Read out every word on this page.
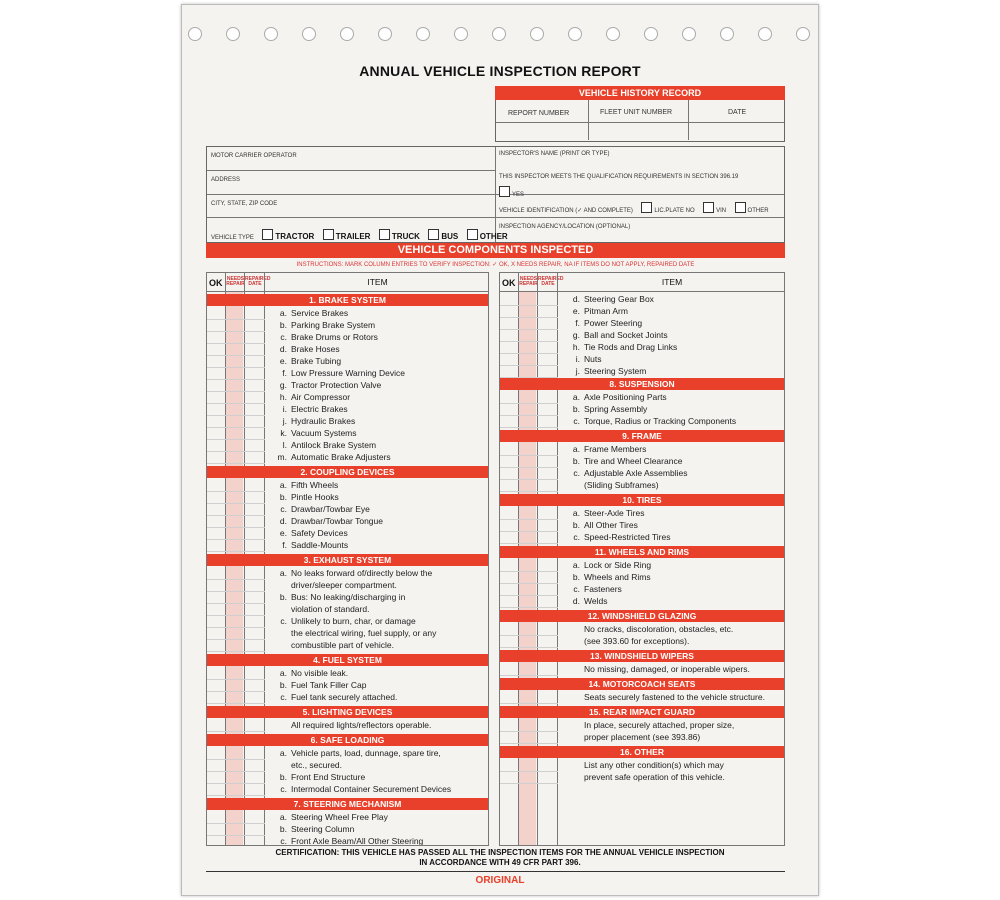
ANNUAL VEHICLE INSPECTION REPORT
VEHICLE HISTORY RECORD
REPORT NUMBER	FLEET UNIT NUMBER	DATE
MOTOR CARRIER OPERATOR
ADDRESS
CITY, STATE, ZIP CODE
VEHICLE TYPE	TRACTOR	TRAILER	TRUCK	BUS	OTHER
INSPECTOR'S NAME (PRINT OR TYPE)
THIS INSPECTOR MEETS THE QUALIFICATION REQUIREMENTS IN SECTION 396.19
YES
VEHICLE IDENTIFICATION (✓ AND COMPLETE)	LIC.PLATE NO	VIN	OTHER
INSPECTION AGENCY/LOCATION (OPTIONAL)
VEHICLE COMPONENTS INSPECTED
INSTRUCTIONS: MARK COLUMN ENTRIES TO VERIFY INSPECTION: ✓ OK, X NEEDS REPAIR, NA IF ITEMS DO NOT APPLY, REPAIRED DATE
OK NEEDS REPAIR
REPAIRED DATE	ITEM
1. BRAKE SYSTEM
a. Service Brakes
b. Parking Brake System
c. Brake Drums or Rotors
d. Brake Hoses
e. Brake Tubing
f. Low Pressure Warning Device
g. Tractor Protection Valve
h. Air Compressor
i. Electric Brakes
j. Hydraulic Brakes
k. Vacuum Systems
l. Antilock Brake System
m. Automatic Brake Adjusters
2. COUPLING DEVICES
a. Fifth Wheels
b. Pintle Hooks
c. Drawbar/Towbar Eye
d. Drawbar/Towbar Tongue
e. Safety Devices
f. Saddle-Mounts
3. EXHAUST SYSTEM
a. No leaks forward of/directly below the
driver/sleeper compartment.
b. Bus: No leaking/discharging in
violation of standard.
c. Unlikely to burn, char, or damage
the electrical wiring, fuel supply, or any
combustible part of vehicle.
4. FUEL SYSTEM
a. No visible leak.
b. Fuel Tank Filler Cap
c. Fuel tank securely attached.
5. LIGHTING DEVICES
All required lights/reflectors operable.
6. SAFE LOADING
a. Vehicle parts, load, dunnage, spare tire,
etc., secured.
b. Front End Structure
c. Intermodal Container Securement Devices
7. STEERING MECHANISM
a. Steering Wheel Free Play
b. Steering Column
c. Front Axle Beam/All Other Steering
OK NEEDS REPAIR
REPAIRED DATE	ITEM
d. Steering Gear Box
e. Pitman Arm
f. Power Steering
g. Ball and Socket Joints
h. Tie Rods and Drag Links
i. Nuts
j. Steering System
8. SUSPENSION
a. Axle Positioning Parts
b. Spring Assembly
c. Torque, Radius or Tracking Components
9. FRAME
a. Frame Members
b. Tire and Wheel Clearance
c. Adjustable Axle Assemblies
(Sliding Subframes)
10. TIRES
a. Steer-Axle Tires
b. All Other Tires
c. Speed-Restricted Tires
11. WHEELS AND RIMS
a. Lock or Side Ring
b. Wheels and Rims
c. Fasteners
d. Welds
12. WINDSHIELD GLAZING
No cracks, discoloration, obstacles, etc.
(see 393.60 for exceptions).
13. WINDSHIELD WIPERS
No missing, damaged, or inoperable wipers.
14. MOTORCOACH SEATS
Seats securely fastened to the vehicle structure.
15. REAR IMPACT GUARD
In place, securely attached, proper size,
proper placement (see 393.86)
16. OTHER
List any other condition(s) which may
prevent safe operation of this vehicle.
CERTIFICATION: THIS VEHICLE HAS PASSED ALL THE INSPECTION ITEMS FOR THE ANNUAL VEHICLE INSPECTION
IN ACCORDANCE WITH 49 CFR PART 396.
ORIGINAL
